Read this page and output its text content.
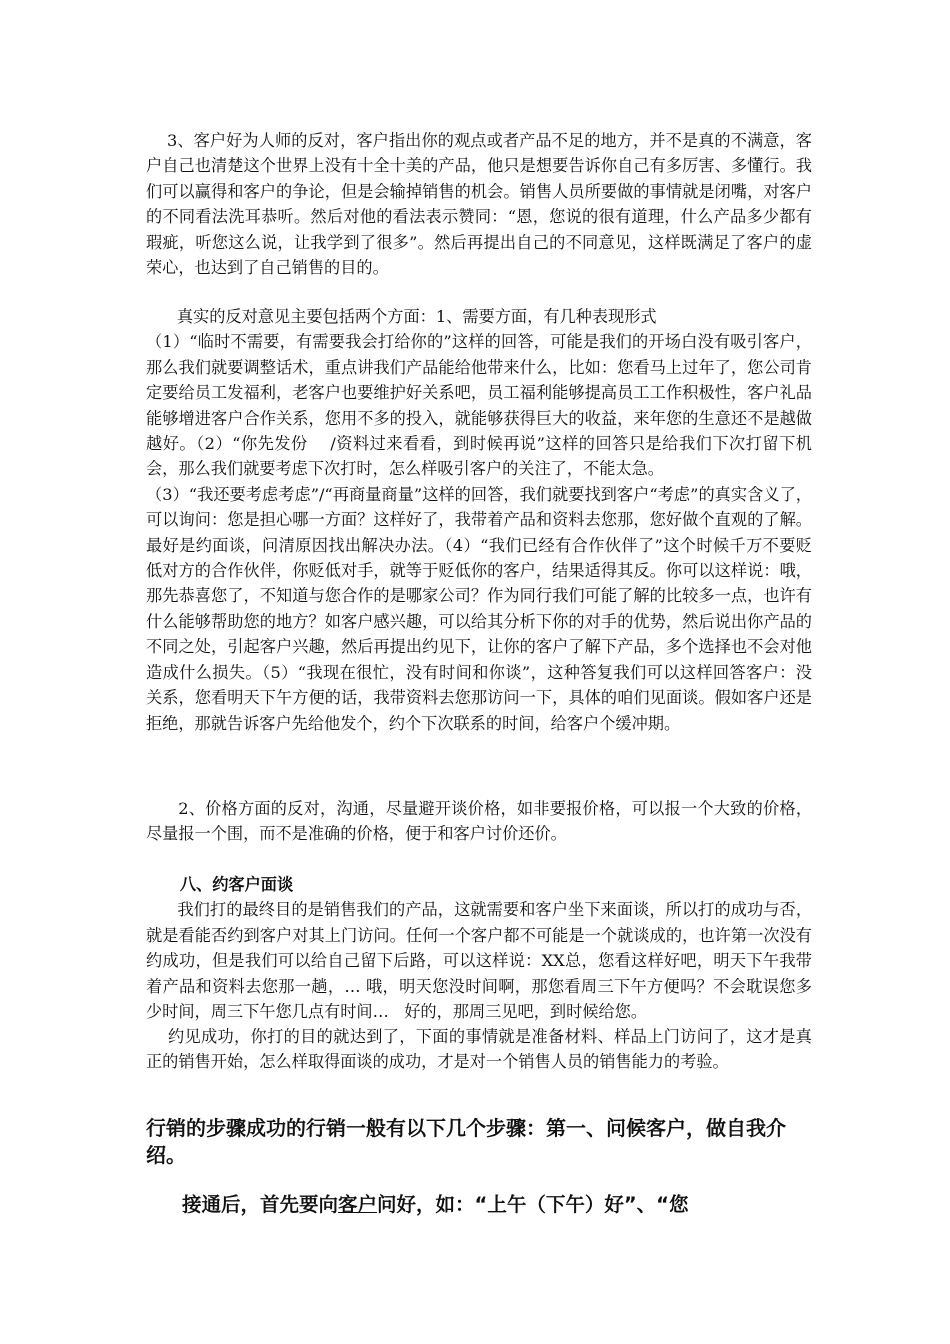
3、客户好为人师的反对，客户指出你的观点或者产品不足的地方，并不是真的不满意，客户自己也清楚这个世界上没有十全十美的产品，他只是想要告诉你自己有多厉害、多懂行。我们可以赢得和客户的争论，但是会输掉销售的机会。销售人员所要做的事情就是闭嘴，对客户的不同看法洗耳恭听。然后对他的看法表示赞同：“恩，您说的很有道理，什么产品多少都有瑕疵，听您这么说，让我学到了很多”。然后再提出自己的不同意见，这样既满足了客户的虚荣心，也达到了自己销售的目的。
真实的反对意见主要包括两个方面：1、需要方面，有几种表现形式
（1）“临时不需要，有需要我会打给你的”这样的回答，可能是我们的开场白没有吸引客户，那么我们就要调整话术，重点讲我们产品能给他带来什么，比如：您看马上过年了，您公司肯定要给员工发福利，老客户也要维护好关系吧，员工福利能够提高员工工作积极性，客户礼品能够增进客户合作关系，您用不多的投入，就能够获得巨大的收益，来年您的生意还不是越做越好。（2）“你先发份    /资料过来看看，到时候再说”这样的回答只是给我们下次打留下机会，那么我们就要考虑下次打时，怎么样吸引客户的关注了，不能太急。
（3）“我还要考虑考虑”/“再商量商量”这样的回答，我们就要找到客户“考虑”的真实含义了，可以询问：您是担心哪一方面？这样好了，我带着产品和资料去您那，您好做个直观的了解。最好是约面谈，问清原因找出解决办法。（4）“我们已经有合作伙伴了”这个时候千万不要贬低对方的合作伙伴，你贬低对手，就等于贬低你的客户，结果适得其反。你可以这样说：哦，那先恭喜您了，不知道与您合作的是哪家公司？作为同行我们可能了解的比较多一点，也许有什么能够帮助您的地方？如客户感兴趣，可以给其分析下你的对手的优势，然后说出你产品的不同之处，引起客户兴趣，然后再提出约见下，让你的客户了解下产品，多个选择也不会对他造成什么损失。（5）“我现在很忙，没有时间和你谈”，这种答复我们可以这样回答客户：没关系，您看明天下午方便的话，我带资料去您那访问一下，具体的咱们见面谈。假如客户还是拒绝，那就告诉客户先给他发个，约个下次联系的时间，给客户个缓冲期。
2、价格方面的反对，沟通，尽量避开谈价格，如非要报价格，可以报一个大致的价格，尽量报一个围，而不是准确的价格，便于和客户讨价还价。
八、约客户面谈

我们打的最终目的是销售我们的产品，这就需要和客户坐下来面谈，所以打的成功与否，就是看能否约到客户对其上门访问。任何一个客户都不可能是一个就谈成的，也许第一次没有约成功，但是我们可以给自己留下后路，可以这样说：XX总，您看这样好吧，明天下午我带着产品和资料去您那一趟，… 哦，明天您没时间啊，那您看周三下午方便吗？不会耽误您多少时间，周三下午您几点有时间…   好的，那周三见吧，到时候给您。
约见成功，你打的目的就达到了，下面的事情就是准备材料、样品上门访问了，这才是真正的销售开始，怎么样取得面谈的成功，才是对一个销售人员的销售能力的考验。
行销的步骤成功的行销一般有以下几个步骤：第一、问候客户，做自我介绍。
接通后，首先要向客户问好，如：“上午（下午）好”、“您
